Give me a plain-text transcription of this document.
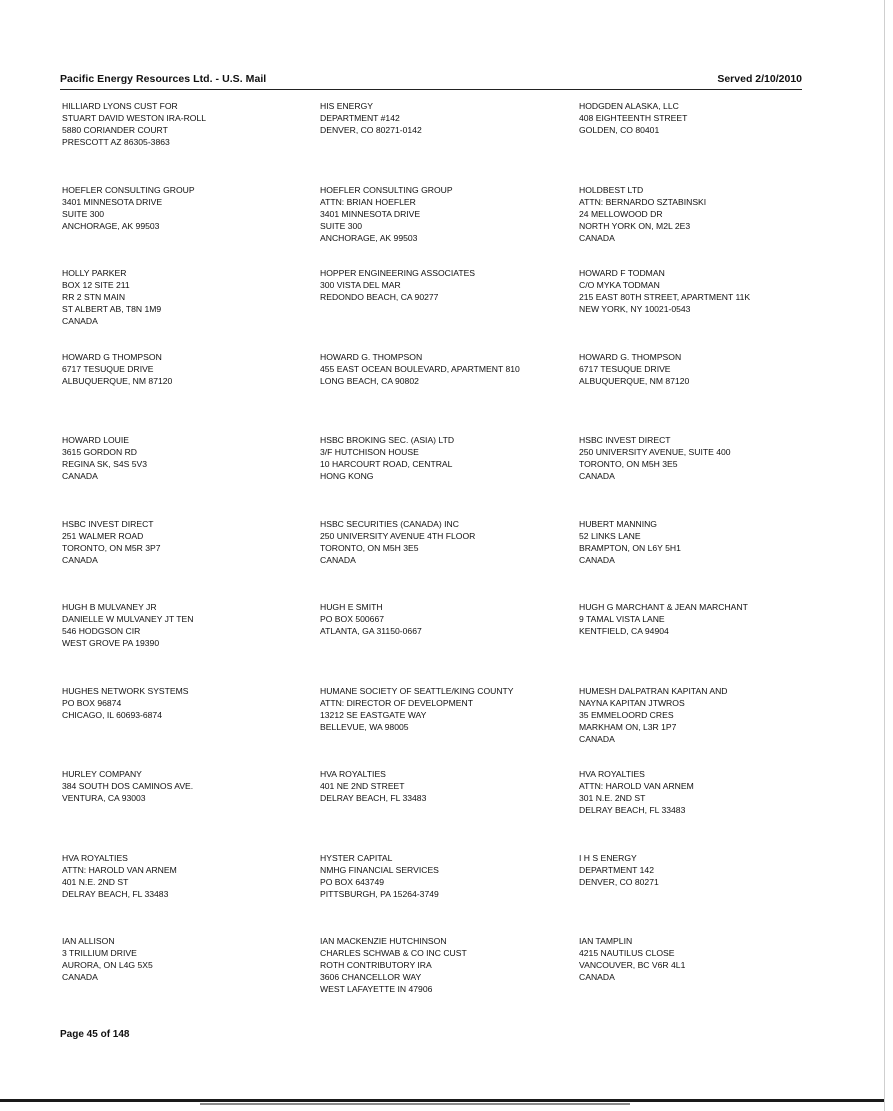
Pacific Energy Resources Ltd. - U.S. Mail	Served 2/10/2010
HILLIARD LYONS CUST FOR
STUART DAVID WESTON IRA-ROLL
5880 CORIANDER COURT
PRESCOTT AZ 86305-3863
HIS ENERGY
DEPARTMENT #142
DENVER, CO 80271-0142
HODGDEN ALASKA, LLC
408 EIGHTEENTH STREET
GOLDEN, CO 80401
HOEFLER CONSULTING GROUP
3401 MINNESOTA DRIVE
SUITE 300
ANCHORAGE, AK 99503
HOEFLER CONSULTING GROUP
ATTN: BRIAN HOEFLER
3401 MINNESOTA DRIVE
SUITE 300
ANCHORAGE, AK 99503
HOLDBEST LTD
ATTN: BERNARDO SZTABINSKI
24 MELLOWOOD DR
NORTH YORK ON, M2L 2E3
CANADA
HOLLY PARKER
BOX 12 SITE 211
RR 2 STN MAIN
ST ALBERT AB, T8N 1M9
CANADA
HOPPER ENGINEERING ASSOCIATES
300 VISTA DEL MAR
REDONDO BEACH, CA 90277
HOWARD F TODMAN
C/O MYKA TODMAN
215 EAST 80TH STREET, APARTMENT 11K
NEW YORK, NY 10021-0543
HOWARD G THOMPSON
6717 TESUQUE DRIVE
ALBUQUERQUE, NM 87120
HOWARD G. THOMPSON
455 EAST OCEAN BOULEVARD, APARTMENT 810
LONG BEACH, CA 90802
HOWARD G. THOMPSON
6717 TESUQUE DRIVE
ALBUQUERQUE, NM 87120
HOWARD LOUIE
3615 GORDON RD
REGINA SK, S4S 5V3
CANADA
HSBC BROKING SEC. (ASIA) LTD
3/F HUTCHISON HOUSE
10 HARCOURT ROAD, CENTRAL
HONG KONG
HSBC INVEST DIRECT
250 UNIVERSITY AVENUE, SUITE 400
TORONTO, ON M5H 3E5
CANADA
HSBC INVEST DIRECT
251 WALMER ROAD
TORONTO, ON M5R 3P7
CANADA
HSBC SECURITIES (CANADA) INC
250 UNIVERSITY AVENUE 4TH FLOOR
TORONTO, ON M5H 3E5
CANADA
HUBERT MANNING
52 LINKS LANE
BRAMPTON, ON L6Y 5H1
CANADA
HUGH B MULVANEY JR
DANIELLE W MULVANEY JT TEN
546 HODGSON CIR
WEST GROVE PA 19390
HUGH E SMITH
PO BOX 500667
ATLANTA, GA 31150-0667
HUGH G MARCHANT & JEAN MARCHANT
9 TAMAL VISTA LANE
KENTFIELD, CA 94904
HUGHES NETWORK SYSTEMS
PO BOX 96874
CHICAGO, IL 60693-6874
HUMANE SOCIETY OF SEATTLE/KING COUNTY
ATTN: DIRECTOR OF DEVELOPMENT
13212 SE EASTGATE WAY
BELLEVUE, WA 98005
HUMESH DALPATRAN KAPITAN AND
NAYNA KAPITAN JTWROS
35 EMMELOORD CRES
MARKHAM ON, L3R 1P7
CANADA
HURLEY COMPANY
384 SOUTH DOS CAMINOS AVE.
VENTURA, CA 93003
HVA ROYALTIES
401 NE 2ND STREET
DELRAY BEACH, FL 33483
HVA ROYALTIES
ATTN: HAROLD VAN ARNEM
301 N.E. 2ND ST
DELRAY BEACH, FL 33483
HVA ROYALTIES
ATTN: HAROLD VAN ARNEM
401 N.E. 2ND ST
DELRAY BEACH, FL 33483
HYSTER CAPITAL
NMHG FINANCIAL SERVICES
PO BOX 643749
PITTSBURGH, PA 15264-3749
I H S ENERGY
DEPARTMENT 142
DENVER, CO 80271
IAN ALLISON
3 TRILLIUM DRIVE
AURORA, ON L4G 5X5
CANADA
IAN MACKENZIE HUTCHINSON
CHARLES SCHWAB & CO INC CUST
ROTH CONTRIBUTORY IRA
3606 CHANCELLOR WAY
WEST LAFAYETTE IN 47906
IAN TAMPLIN
4215 NAUTILUS CLOSE
VANCOUVER, BC V6R 4L1
CANADA
Page 45 of 148
